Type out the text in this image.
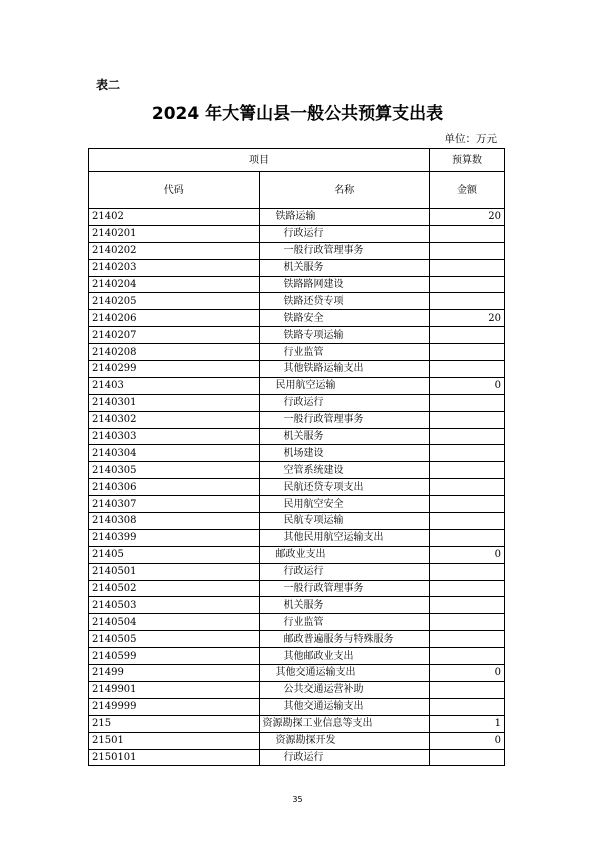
表二
2024 年大箐山县一般公共预算支出表
单位：万元
项目		预算数
代码	名称	金额
21402	铁路运输	20
2140201	行政运行	
2140202	一般行政管理事务	
2140203	机关服务	
2140204	铁路路网建设	
2140205	铁路还贷专项	
2140206	铁路安全	20
2140207	铁路专项运输	
2140208	行业监管	
2140299	其他铁路运输支出	
21403	民用航空运输	0
2140301	行政运行	
2140302	一般行政管理事务	
2140303	机关服务	
2140304	机场建设	
2140305	空管系统建设	
2140306	民航还贷专项支出	
2140307	民用航空安全	
2140308	民航专项运输	
2140399	其他民用航空运输支出	
21405	邮政业支出	0
2140501	行政运行	
2140502	一般行政管理事务	
2140503	机关服务	
2140504	行业监管	
2140505	邮政普遍服务与特殊服务	
2140599	其他邮政业支出	
21499	其他交通运输支出	0
2149901	公共交通运营补助	
2149999	其他交通运输支出	
215	资源勘探工业信息等支出	1
21501	资源勘探开发	0
2150101	行政运行	
35
